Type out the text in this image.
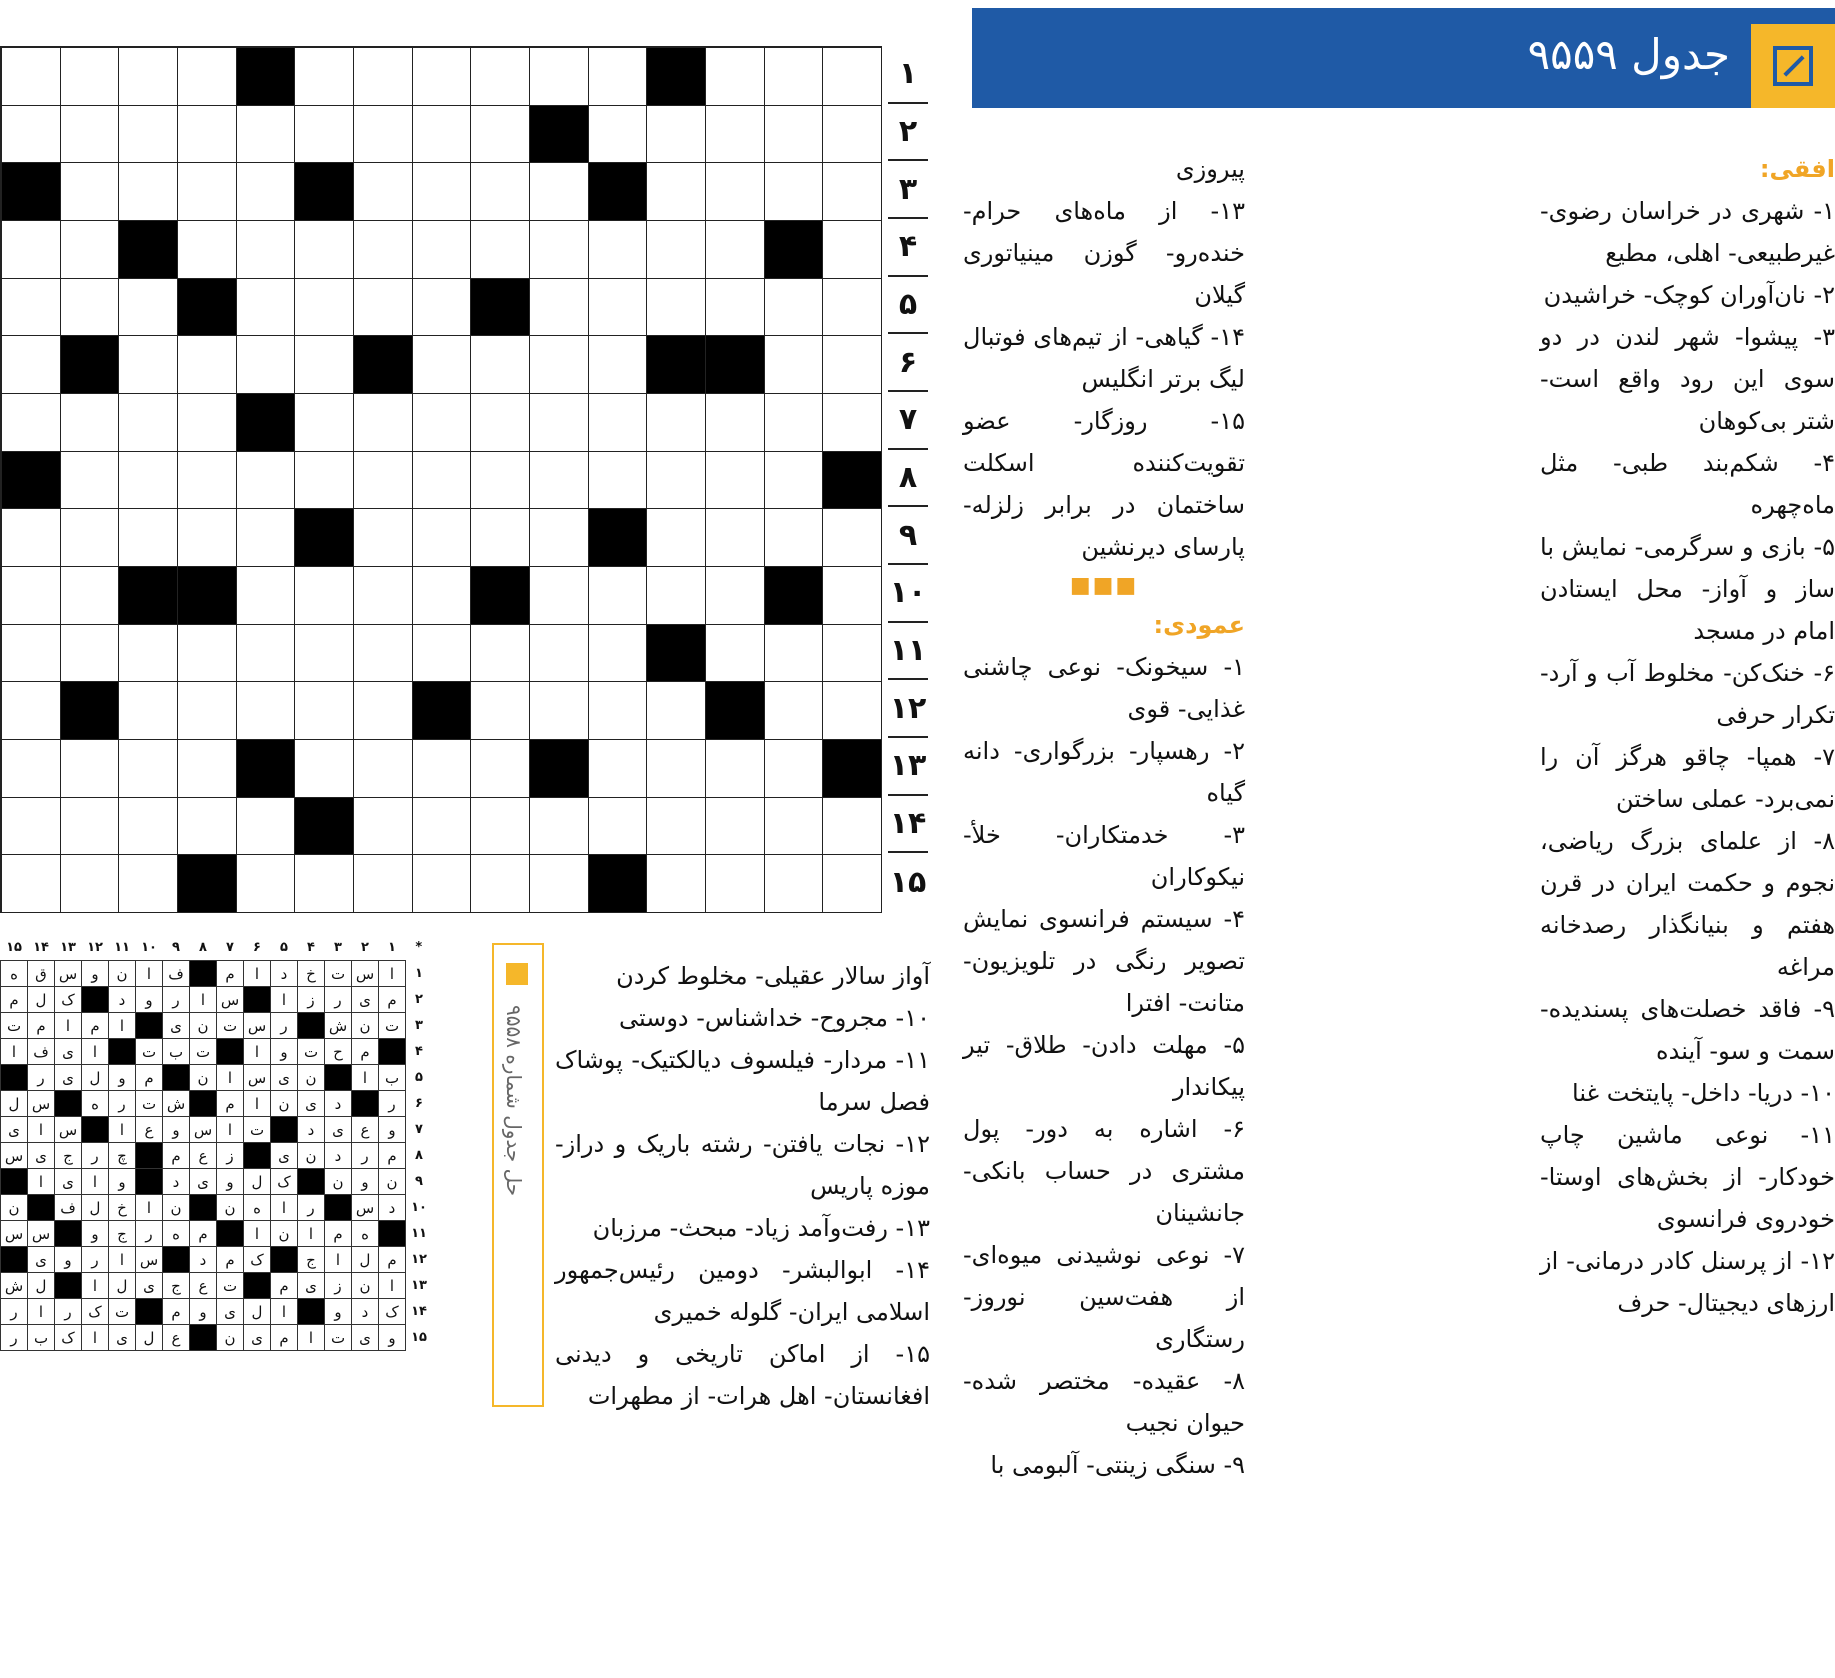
۱
۲
۳
۴
۵
۶
۷
۸
۹
۱۰
۱۱
۱۲
۱۳
۱۴
۱۵
جدول ۹۵۵۹
افقی:

۱- شهری در خراسان رضوی- غیرطبیعی- اهلی، مطیع

۲- نان‌آوران کوچک- خراشیدن

۳- پیشوا- شهر لندن در دو سوی این رود واقع است- شتر بی‌کوهان

۴- شکم‌بند طبی- مثل ماه‌چهره

۵- بازی و سرگرمی- نمایش با ساز و آواز- محل ایستادن امام در مسجد

۶- خنک‌کن- مخلوط آب و آرد- تکرار حرفی

۷- همپا- چاقو هرگز آن را نمی‌برد- عملی ساختن

۸- از علمای بزرگ ریاضی، نجوم و حکمت ایران در قرن هفتم و بنیانگذار رصدخانه مراغه

۹- فاقد خصلت‌های پسندیده- سمت و سو- آینده

۱۰- دریا- داخل- پایتخت غنا

۱۱- نوعی ماشین چاپ خودکار- از بخش‌های اوستا- خودروی فرانسوی

۱۲- از پرسنل کادر درمانی- از ارزهای دیجیتال- حرف

پیروزی

۱۳- از ماه‌های حرام- خنده‌رو- گوزن مینیاتوری گیلان

۱۴- گیاهی- از تیم‌های فوتبال لیگ برتر انگلیس

۱۵- روزگار- عضو تقویت‌کننده اسکلت ساختمان در برابر زلزله- پارسای دیرنشین

■■■
عمودی:

۱- سیخونک- نوعی چاشنی غذایی- قوی

۲- رهسپار- بزرگواری- دانه گیاه

۳- خدمتکاران- خلأ- نیکوکاران

۴- سیستم فرانسوی نمایش تصویر رنگی در تلویزیون- متانت- افترا

۵- مهلت دادن- طلاق- تیر پیکاندار

۶- اشاره به دور- پول مشتری در حساب بانکی- جانشینان

۷- نوعی نوشیدنی میوه‌ای- از هفت‌سین نوروز- رستگاری

۸- عقیده- مختصر شده- حیوان نجیب

۹- سنگی زینتی- آلبومی با

آواز سالار عقیلی- مخلوط کردن

۱۰- مجروح- خداشناس- دوستی

۱۱- مردار- فیلسوف دیالکتیک- پوشاک فصل سرما

۱۲- نجات یافتن- رشته باریک و دراز- موزه پاریس

۱۳- رفت‌وآمد زیاد- مبحث- مرزبان

۱۴- ابوالبشر- دومین رئیس‌جمهور اسلامی ایران- گلوله خمیری

۱۵- از اماکن تاریخی و دیدنی افغانستان- اهل هرات- از مطهرات

حل جدول شماره ۹۵۵۸
*	۱	۲	۳	۴	۵	۶	۷	۸	۹	۱۰	۱۱	۱۲	۱۳	۱۴	۱۵
۱	ا	س	ت	خ	د	ا	م		ف	ا	ن	و	س	ق	ه
۲	م	ی	ر	ز	ا		س	ا	ر	و	د		ک	ل	م
۳	ت	ن	ش		ر	س	ت	ن	ی		ا	م	ا	م	ت
۴		م	ح	ت	و	ا		ت	ب	ت		ا	ی	ف	ا
۵	ب	ا		ن	ی	س	ا	ن		م	و	ل	ی	ر	
۶	ر		د	ی	ن	ا	م		ش	ت	ر	ه		س	ل
۷	و	ع	ی	د		ت	ا	س	و	ع	ا		س	ا	ی
۸	م	ر	د	ن	ی		ز	ع	م		چ	ر	ج	ی	س
۹	ن	و	ن		ک	ل	و	ی	د		و	ا	ی	ا	
۱۰	د	س		ر	ا	ه	ن		ن	ا	خ	ل	ف		ن
۱۱		ه	م	ا	ن	ا		م	ه	ر	ج	و		س	س
۱۲	م	ل	ا	ج		ک	م	د		س	ا	ر	و	ی	
۱۳	ا	ن	ز	ی	م		ت	ع	ج	ی	ل	ا		ل	ش
۱۴	ک	د	و		ا	ل	ی	و	م		ت	ک	ر	ا	ر
۱۵	و	ی	ت	ا	م	ی	ن		ع	ل	ی	ا	ک	ب	ر
